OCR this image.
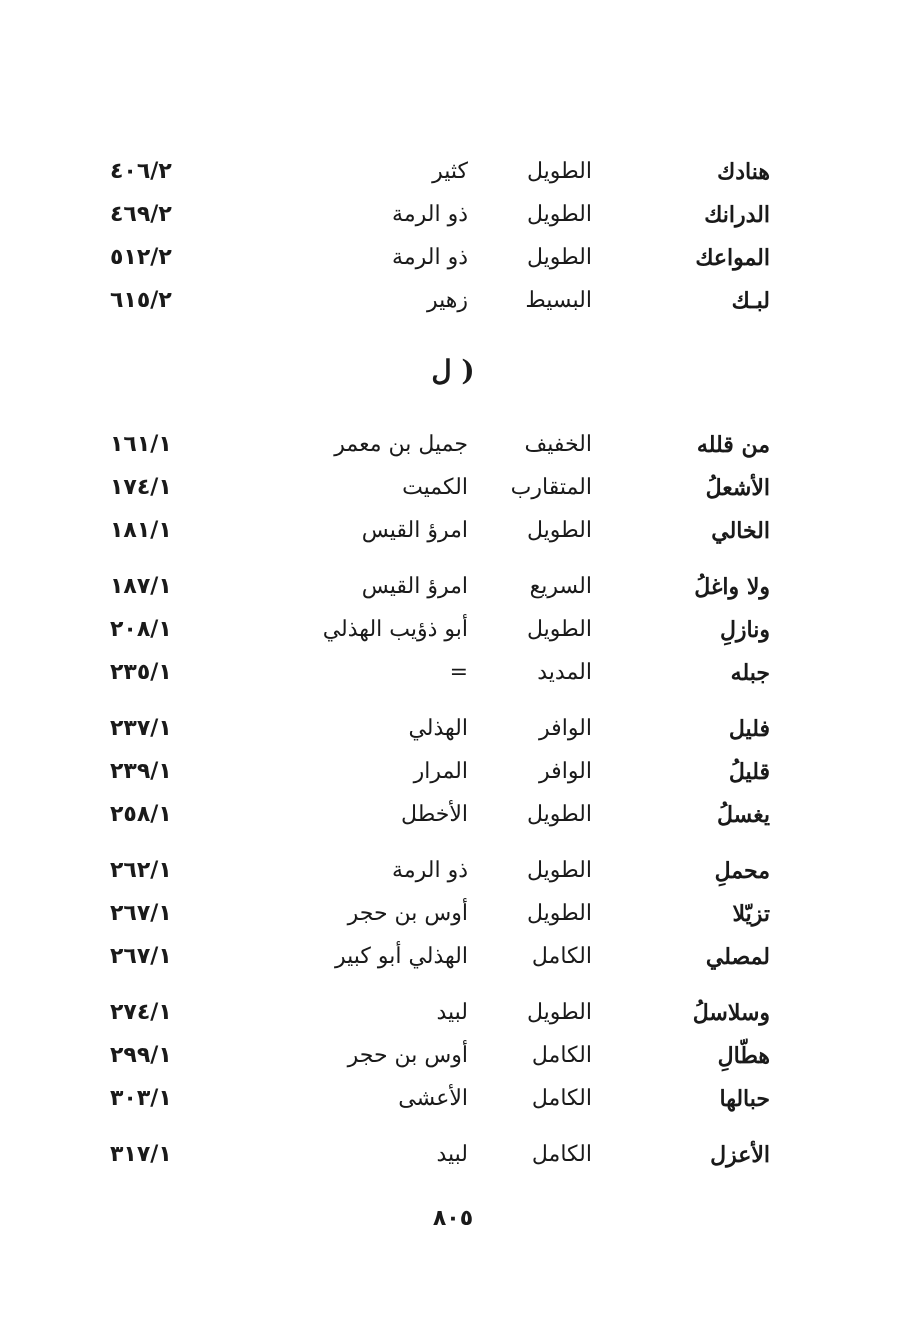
هنادك
الطويل
كثير
٤٠٦/٢
الدرانك
الطويل
ذو الرمة
٤٦٩/٢
المواعك
الطويل
ذو الرمة
٥١٢/٢
لبـك
البسيط
زهير
٦١٥/٢
( ل
من قلله
الخفيف
جميل بن معمر
١٦١/١
الأشعلُ
المتقارب
الكميت
١٧٤/١
الخالي
الطويل
امرؤ القيس
١٨١/١
ولا واغلُ
السريع
امرؤ القيس
١٨٧/١
ونازلِ
الطويل
أبو ذؤيب الهذلي
٢٠٨/١
جبله
المديد
=
٢٣٥/١
فليل
الوافر
الهذلي
٢٣٧/١
قليلُ
الوافر
المرار
٢٣٩/١
يغسلُ
الطويل
الأخطل
٢٥٨/١
محملِ
الطويل
ذو الرمة
٢٦٢/١
تزيّلا
الطويل
أوس بن حجر
٢٦٧/١
لمصلي
الكامل
الهذلي أبو كبير
٢٦٧/١
وسلاسلُ
الطويل
لبيد
٢٧٤/١
هطّالِ
الكامل
أوس بن حجر
٢٩٩/١
حبالها
الكامل
الأعشى
٣٠٣/١
الأعزل
الكامل
لبيد
٣١٧/١
٨٠٥
